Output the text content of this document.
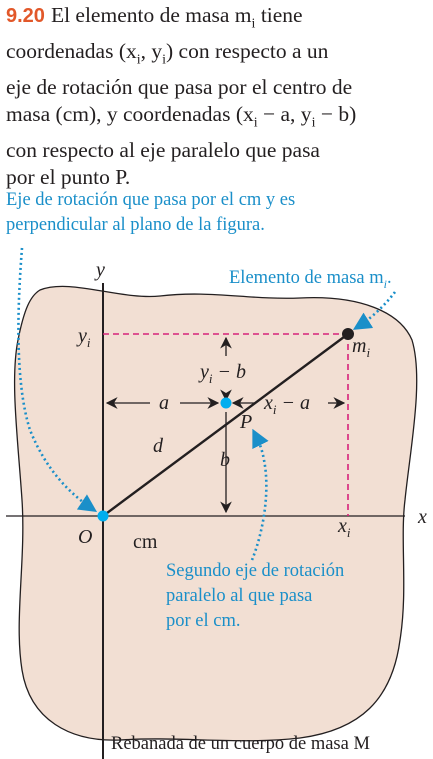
9.20 El elemento de masa $m_i$ tiene
coordenadas ($x_i$, $y_i$) con respecto a un
eje de rotación que pasa por el centro de
masa (cm), y coordenadas ($x_i - a$, $y_i - b$)
con respecto al eje paralelo que pasa
por el punto P.
Eje de rotación que pasa por el cm y es
perpendicular al plano de la figura.
y
x
O cm
$y_i$
$x_i$
$m_i$
$y_i - b$
a	$x_i - a$
P
d
b
Elemento de masa $m_i$.
Segundo eje de rotación
paralelo al que pasa
por el cm.
Rebanada de un cuerpo de masa M
